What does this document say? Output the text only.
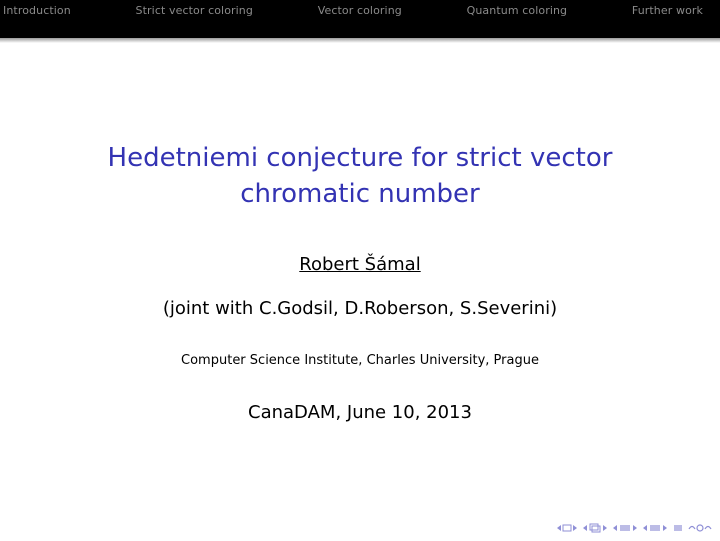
Introduction	Strict vector coloring	Vector coloring	Quantum coloring	Further work
Hedetniemi conjecture for strict vector
chromatic number
Robert Šámal
(joint with C.Godsil, D.Roberson, S.Severini)
Computer Science Institute, Charles University, Prague
CanaDAM, June 10, 2013
